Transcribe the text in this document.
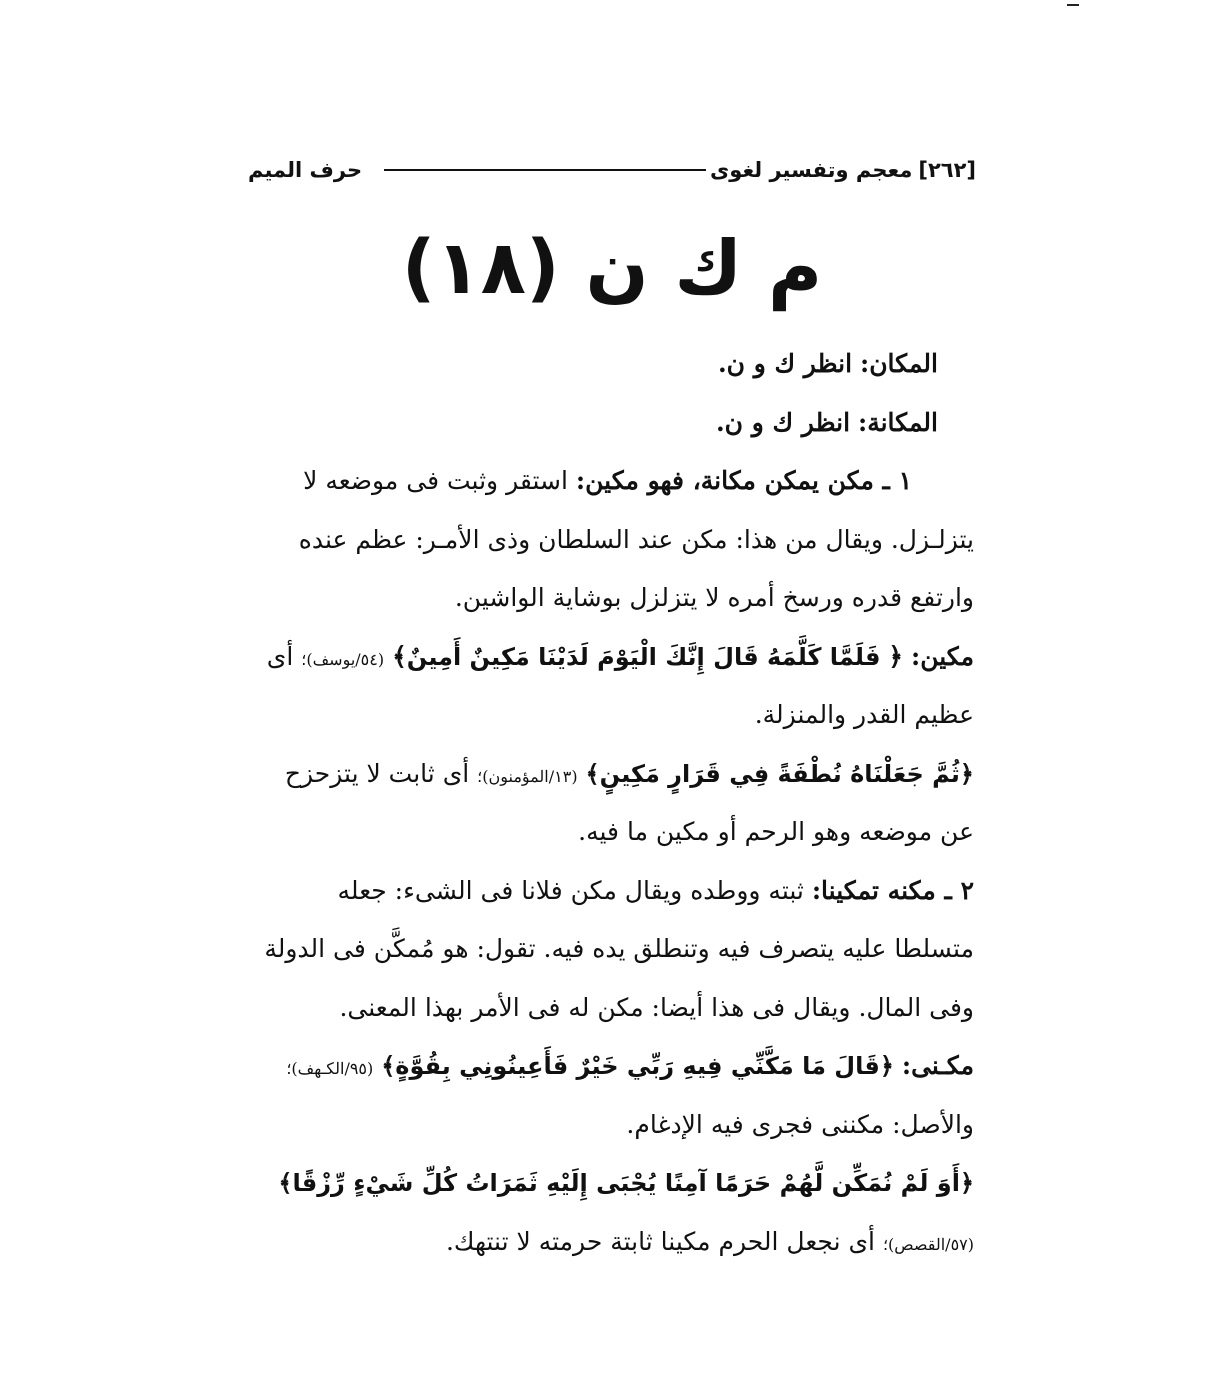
[٢٦٢]
معجم وتفسير لغوى
حرف الميم
م ك ن (١٨)
المكان: انظر ك و ن.
المكانة: انظر ك و ن.
١ ـ مكن يمكن مكانة، فهو مكين: استقر وثبت فى موضعه لا
يتزلـزل. ويقال من هذا: مكن عند السلطان وذى الأمـر: عظم عنده
وارتفع قدره ورسخ أمره لا يتزلزل بوشاية الواشين.
مكين: ﴿ فَلَمَّا كَلَّمَهُ قَالَ إِنَّكَ الْيَوْمَ لَدَيْنَا مَكِينٌ أَمِينٌ﴾ (٥٤/يوسف)؛ أى
عظيم القدر والمنزلة.
﴿ثُمَّ جَعَلْنَاهُ نُطْفَةً فِي قَرَارٍ مَكِينٍ﴾ (١٣/المؤمنون)؛ أى ثابت لا يتزحزح
عن موضعه وهو الرحم أو مكين ما فيه.
٢ ـ مكنه تمكينا: ثبته ووطده ويقال مكن فلانا فى الشىء: جعله
متسلطا عليه يتصرف فيه وتنطلق يده فيه. تقول: هو مُمكَّن فى الدولة
وفى المال. ويقال فى هذا أيضا: مكن له فى الأمر بهذا المعنى.
مكـنى: ﴿قَالَ مَا مَكَّنِّي فِيهِ رَبِّي خَيْرٌ فَأَعِينُونِي بِقُوَّةٍ﴾ (٩٥/الكـهف)؛
والأصل: مكننى فجرى فيه الإدغام.
﴿أَوَ لَمْ نُمَكِّن لَّهُمْ حَرَمًا آمِنًا يُجْبَى إِلَيْهِ ثَمَرَاتُ كُلِّ شَيْءٍ رِّزْقًا﴾
(٥٧/القصص)؛ أى نجعل الحرم مكينا ثابتة حرمته لا تنتهك.
